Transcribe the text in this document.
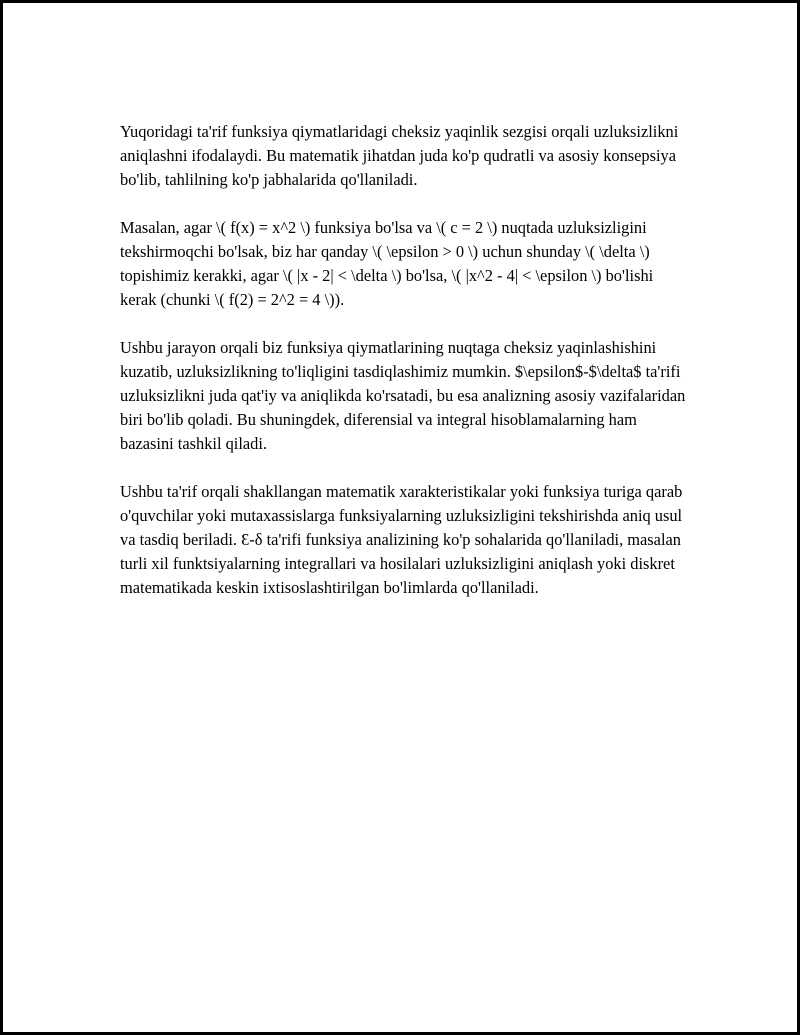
Yuqoridagi ta'rif funksiya qiymatlaridagi cheksiz yaqinlik sezgisi orqali uzluksizlikni aniqlashni ifodalaydi. Bu matematik jihatdan juda ko'p qudratli va asosiy konsepsiya bo'lib, tahlilning ko'p jabhalarida qo'llaniladi.

Masalan, agar \( f(x) = x^2 \) funksiya bo'lsa va \( c = 2 \) nuqtada uzluksizligini tekshirmoqchi bo'lsak, biz har qanday \( \epsilon > 0 \) uchun shunday \( \delta \) topishimiz kerakki, agar \( |x - 2| < \delta \) bo'lsa, \( |x^2 - 4| < \epsilon \) bo'lishi kerak (chunki \( f(2) = 2^2 = 4 \)).

Ushbu jarayon orqali biz funksiya qiymatlarining nuqtaga cheksiz yaqinlashishini kuzatib, uzluksizlikning to'liqligini tasdiqlashimiz mumkin. $\epsilon$-$\delta$ ta'rifi uzluksizlikni juda qat'iy va aniqlikda ko'rsatadi, bu esa analizning asosiy vazifalaridan biri bo'lib qoladi. Bu shuningdek, diferensial va integral hisoblamalarning ham bazasini tashkil qiladi.

Ushbu ta'rif orqali shakllangan matematik xarakteristikalar yoki funksiya turiga qarab o'quvchilar yoki mutaxassislarga funksiyalarning uzluksizligini tekshirishda aniq usul va tasdiq beriladi. Ɛ-δ ta'rifi funksiya analizining ko'p sohalarida qo'llaniladi, masalan turli xil funktsiyalarning integrallari va hosilalari uzluksizligini aniqlash yoki diskret matematikada keskin ixtisoslashtirilgan bo'limlarda qo'llaniladi.
